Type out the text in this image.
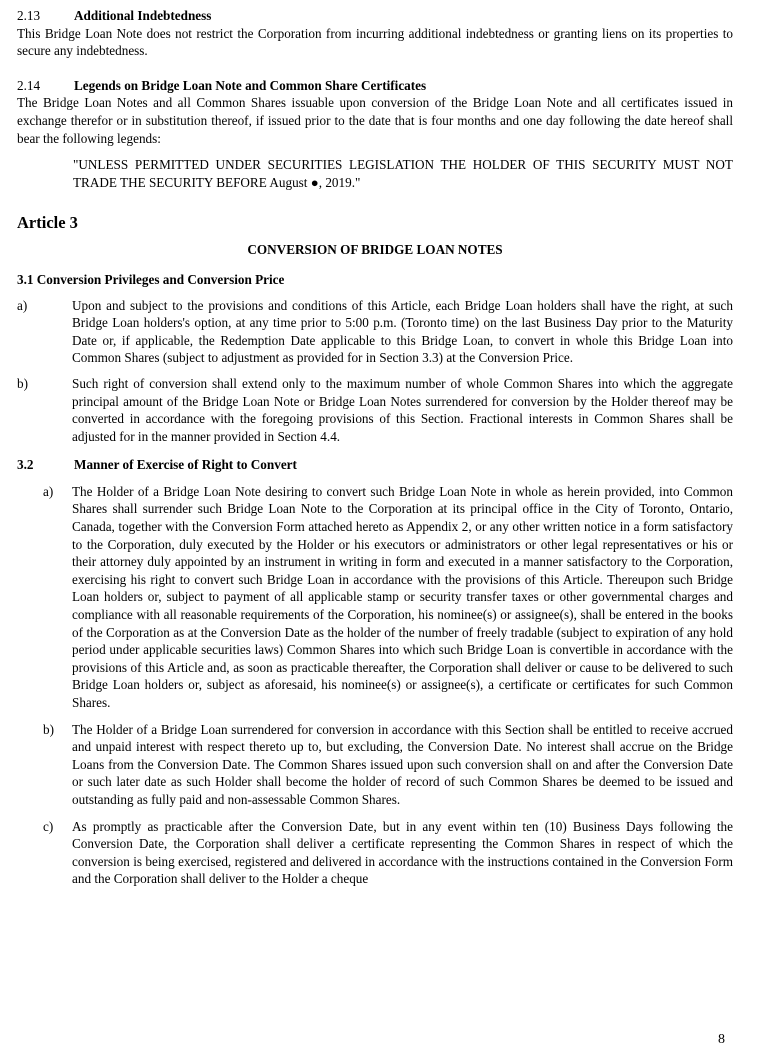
2.13	Additional Indebtedness

This Bridge Loan Note does not restrict the Corporation from incurring additional indebtedness or granting liens on its properties to secure any indebtedness.

2.14	Legends on Bridge Loan Note and Common Share Certificates

The Bridge Loan Notes and all Common Shares issuable upon conversion of the Bridge Loan Note and all certificates issued in exchange therefor or in substitution thereof, if issued prior to the date that is four months and one day following the date hereof shall bear the following legends:

"UNLESS PERMITTED UNDER SECURITIES LEGISLATION THE HOLDER OF THIS SECURITY MUST NOT TRADE THE SECURITY BEFORE August ●, 2019."

Article 3
CONVERSION OF BRIDGE LOAN NOTES
3.1 Conversion Privileges and Conversion Price
a)	Upon and subject to the provisions and conditions of this Article, each Bridge Loan holders shall have the right, at such Bridge Loan holders's option, at any time prior to 5:00 p.m. (Toronto time) on the last Business Day prior to the Maturity Date or, if applicable, the Redemption Date applicable to this Bridge Loan, to convert in whole this Bridge Loan into Common Shares (subject to adjustment as provided for in Section 3.3) at the Conversion Price.
b)	Such right of conversion shall extend only to the maximum number of whole Common Shares into which the aggregate principal amount of the Bridge Loan Note or Bridge Loan Notes surrendered for conversion by the Holder thereof may be converted in accordance with the foregoing provisions of this Section. Fractional interests in Common Shares shall be adjusted for in the manner provided in Section 4.4.
3.2	Manner of Exercise of Right to Convert
a) The Holder of a Bridge Loan Note desiring to convert such Bridge Loan Note in whole as herein provided, into Common Shares shall surrender such Bridge Loan Note to the Corporation at its principal office in the City of Toronto, Ontario, Canada, together with the Conversion Form attached hereto as Appendix 2, or any other written notice in a form satisfactory to the Corporation, duly executed by the Holder or his executors or administrators or other legal representatives or his or their attorney duly appointed by an instrument in writing in form and executed in a manner satisfactory to the Corporation, exercising his right to convert such Bridge Loan in accordance with the provisions of this Article. Thereupon such Bridge Loan holders or, subject to payment of all applicable stamp or security transfer taxes or other governmental charges and compliance with all reasonable requirements of the Corporation, his nominee(s) or assignee(s), shall be entered in the books of the Corporation as at the Conversion Date as the holder of the number of freely tradable (subject to expiration of any hold period under applicable securities laws) Common Shares into which such Bridge Loan is convertible in accordance with the provisions of this Article and, as soon as practicable thereafter, the Corporation shall deliver or cause to be delivered to such Bridge Loan holders or, subject as aforesaid, his nominee(s) or assignee(s), a certificate or certificates for such Common Shares.
b) The Holder of a Bridge Loan surrendered for conversion in accordance with this Section shall be entitled to receive accrued and unpaid interest with respect thereto up to, but excluding, the Conversion Date. No interest shall accrue on the Bridge Loans from the Conversion Date. The Common Shares issued upon such conversion shall on and after the Conversion Date or such later date as such Holder shall become the holder of record of such Common Shares be deemed to be issued and outstanding as fully paid and non-assessable Common Shares.
c) As promptly as practicable after the Conversion Date, but in any event within ten (10) Business Days following the Conversion Date, the Corporation shall deliver a certificate representing the Common Shares in respect of which the conversion is being exercised, registered and delivered in accordance with the instructions contained in the Conversion Form and the Corporation shall deliver to the Holder a cheque
8
